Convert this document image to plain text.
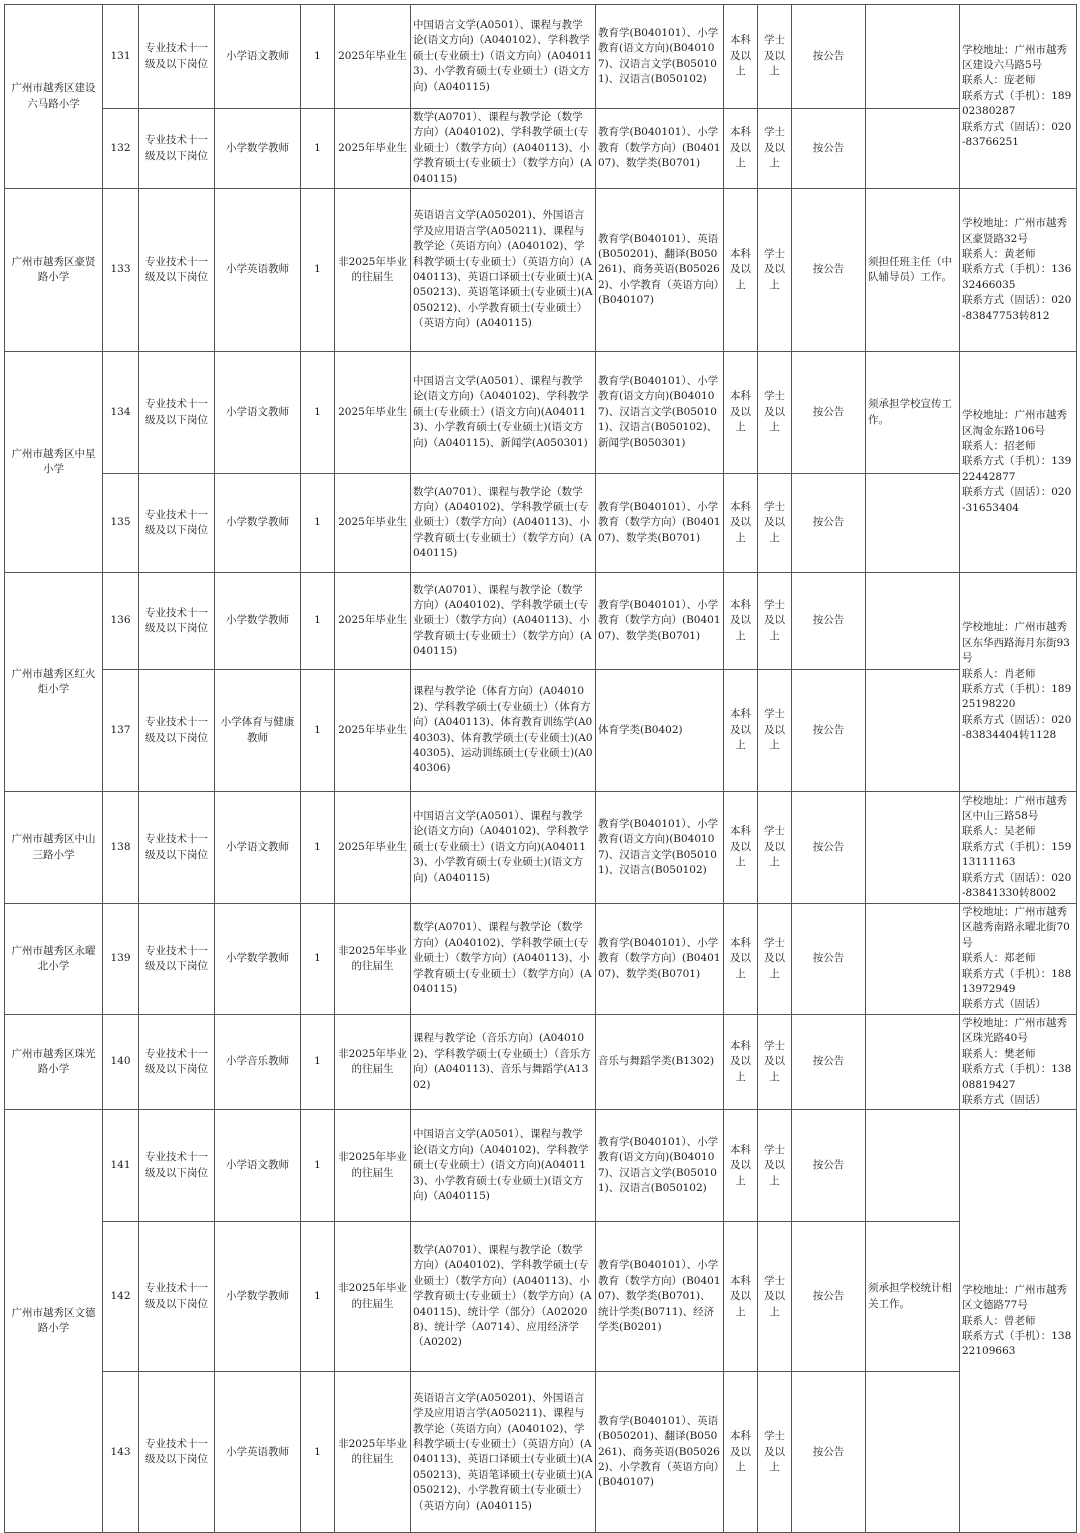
广州市越秀区建设六马路小学	131	专业技术十一级及以下岗位	小学语文教师	1	2025年毕业生	中国语言文学(A0501）、课程与教学论(语文方向)（A040102）、学科教学硕士(专业硕士)（语文方向）(A040113)、小学教育硕士(专业硕士）(语文方向)（A040115)	教育学(B040101）、小学教育(语文方向)(B040107)、汉语言文学(B050101)、汉语言(B050102)	本科及以上	学士及以上	按公告		学校地址：广州市越秀区建设六马路5号
联系人：庞老师
联系方式（手机）：18902380287
联系方式（固话）：020-83766251
	132	专业技术十一级及以下岗位	小学数学教师	1	2025年毕业生	数学(A0701）、课程与教学论（数学方向）(A040102)、学科教学硕士(专业硕士）（数学方向）(A040113)、小学教育硕士(专业硕士）（数学方向）(A040115)	教育学(B040101）、小学教育（数学方向）(B040107)、数学类(B0701)	本科及以上	学士及以上	按公告		
广州市越秀区豪贤路小学	133	专业技术十一级及以下岗位	小学英语教师	1	非2025年毕业的往届生	英语语言文学(A050201)、外国语言学及应用语言学(A050211)、课程与教学论（英语方向）(A040102)、学科教学硕士(专业硕士）（英语方向）(A040113)、英语口译硕士(专业硕士)(A050213)、英语笔译硕士(专业硕士)(A050212)、小学教育硕士(专业硕士）（英语方向）(A040115)	教育学(B040101）、英语(B050201)、翻译(B050261)、商务英语(B050262)、小学教育（英语方向）(B040107)	本科及以上	学士及以上	按公告	须担任班主任（中队辅导员）工作。	学校地址：广州市越秀区豪贤路32号
联系人：黄老师
联系方式（手机）：13632466035
联系方式（固话）：020-83847753转812
广州市越秀区中星小学	134	专业技术十一级及以下岗位	小学语文教师	1	2025年毕业生	中国语言文学(A0501）、课程与教学论(语文方向)（A040102)、学科教学硕士(专业硕士）(语文方向)(A040113)、小学教育硕士(专业硕士)(语文方向)（A040115)、新闻学(A050301)	教育学(B040101）、小学教育(语文方向)(B040107)、汉语言文学(B050101)、汉语言(B050102)、新闻学(B050301)	本科及以上	学士及以上	按公告	须承担学校宣传工作。	学校地址：广州市越秀区淘金东路106号
联系人：招老师
联系方式（手机）：13922442877
联系方式（固话）：020-31653404
	135	专业技术十一级及以下岗位	小学数学教师	1	2025年毕业生	数学(A0701）、课程与教学论（数学方向）(A040102)、学科教学硕士(专业硕士）（数学方向）(A040113)、小学教育硕士(专业硕士）（数学方向）(A040115)	教育学(B040101）、小学教育（数学方向）(B040107)、数学类(B0701)	本科及以上	学士及以上	按公告		
广州市越秀区红火炬小学	136	专业技术十一级及以下岗位	小学数学教师	1	2025年毕业生	数学(A0701）、课程与教学论（数学方向）(A040102)、学科教学硕士(专业硕士）（数学方向）(A040113)、小学教育硕士(专业硕士）（数学方向）(A040115)	教育学(B040101）、小学教育（数学方向）(B040107)、数学类(B0701)	本科及以上	学士及以上	按公告		学校地址：广州市越秀区东华西路海月东街93号
联系人：肖老师
联系方式（手机）：18925198220
联系方式（固话）：020-83834404转1128
	137	专业技术十一级及以下岗位	小学体育与健康教师	1	2025年毕业生	课程与教学论（体育方向）(A040102)、学科教学硕士(专业硕士）（体育方向）(A040113)、体育教育训练学(A040303)、体育教学硕士(专业硕士)(A040305)、运动训练硕士(专业硕士)(A040306)	体育学类(B0402)	本科及以上	学士及以上	按公告		
广州市越秀区中山三路小学	138	专业技术十一级及以下岗位	小学语文教师	1	2025年毕业生	中国语言文学(A0501）、课程与教学论(语文方向)（A040102)、学科教学硕士(专业硕士）(语文方向)(A040113)、小学教育硕士(专业硕士)(语文方向)（A040115)	教育学(B040101）、小学教育(语文方向)(B040107)、汉语言文学(B050101)、汉语言(B050102)	本科及以上	学士及以上	按公告		学校地址：广州市越秀区中山三路58号
联系人：吴老师
联系方式（手机）：15913111163
联系方式（固话）：020-83841330转8002
广州市越秀区永曜北小学	139	专业技术十一级及以下岗位	小学数学教师	1	非2025年毕业的往届生	数学(A0701）、课程与教学论（数学方向）(A040102)、学科教学硕士(专业硕士）（数学方向）(A040113)、小学教育硕士(专业硕士）（数学方向）(A040115)	教育学(B040101）、小学教育（数学方向）(B040107)、数学类(B0701)	本科及以上	学士及以上	按公告		学校地址：广州市越秀区越秀南路永曜北街70号
联系人：郑老师
联系方式（手机）：18813972949
联系方式（固话）
广州市越秀区珠光路小学	140	专业技术十一级及以下岗位	小学音乐教师	1	非2025年毕业的往届生	课程与教学论（音乐方向）(A040102)、学科教学硕士(专业硕士）（音乐方向）(A040113)、音乐与舞蹈学(A1302)	音乐与舞蹈学类(B1302)	本科及以上	学士及以上	按公告		学校地址：广州市越秀区珠光路40号
联系人：樊老师
联系方式（手机）：13808819427
联系方式（固话）
广州市越秀区文德路小学	141	专业技术十一级及以下岗位	小学语文教师	1	非2025年毕业的往届生	中国语言文学(A0501）、课程与教学论(语文方向)（A040102)、学科教学硕士(专业硕士）(语文方向)(A040113)、小学教育硕士(专业硕士)(语文方向)（A040115)	教育学(B040101）、小学教育(语文方向)(B040107)、汉语言文学(B050101)、汉语言(B050102)	本科及以上	学士及以上	按公告		学校地址：广州市越秀区文德路77号
联系人：曾老师
联系方式（手机）：13822109663
	142	专业技术十一级及以下岗位	小学数学教师	1	非2025年毕业的往届生	数学(A0701）、课程与教学论（数学方向）(A040102)、学科教学硕士(专业硕士）（数学方向）(A040113)、小学教育硕士(专业硕士）（数学方向）(A040115)、统计学（部分）（A020208)、统计学（A0714）、应用经济学（A0202)	教育学(B040101）、小学教育（数学方向）(B040107)、数学类(B0701)、统计学类(B0711)、经济学类(B0201)	本科及以上	学士及以上	按公告	须承担学校统计相关工作。	
	143	专业技术十一级及以下岗位	小学英语教师	1	非2025年毕业的往届生	英语语言文学(A050201)、外国语言学及应用语言学(A050211)、课程与教学论（英语方向）(A040102)、学科教学硕士(专业硕士）（英语方向）(A040113)、英语口译硕士(专业硕士)(A050213)、英语笔译硕士(专业硕士)(A050212)、小学教育硕士(专业硕士）（英语方向）(A040115)	教育学(B040101）、英语(B050201)、翻译(B050261)、商务英语(B050262)、小学教育（英语方向）(B040107)	本科及以上	学士及以上	按公告		
